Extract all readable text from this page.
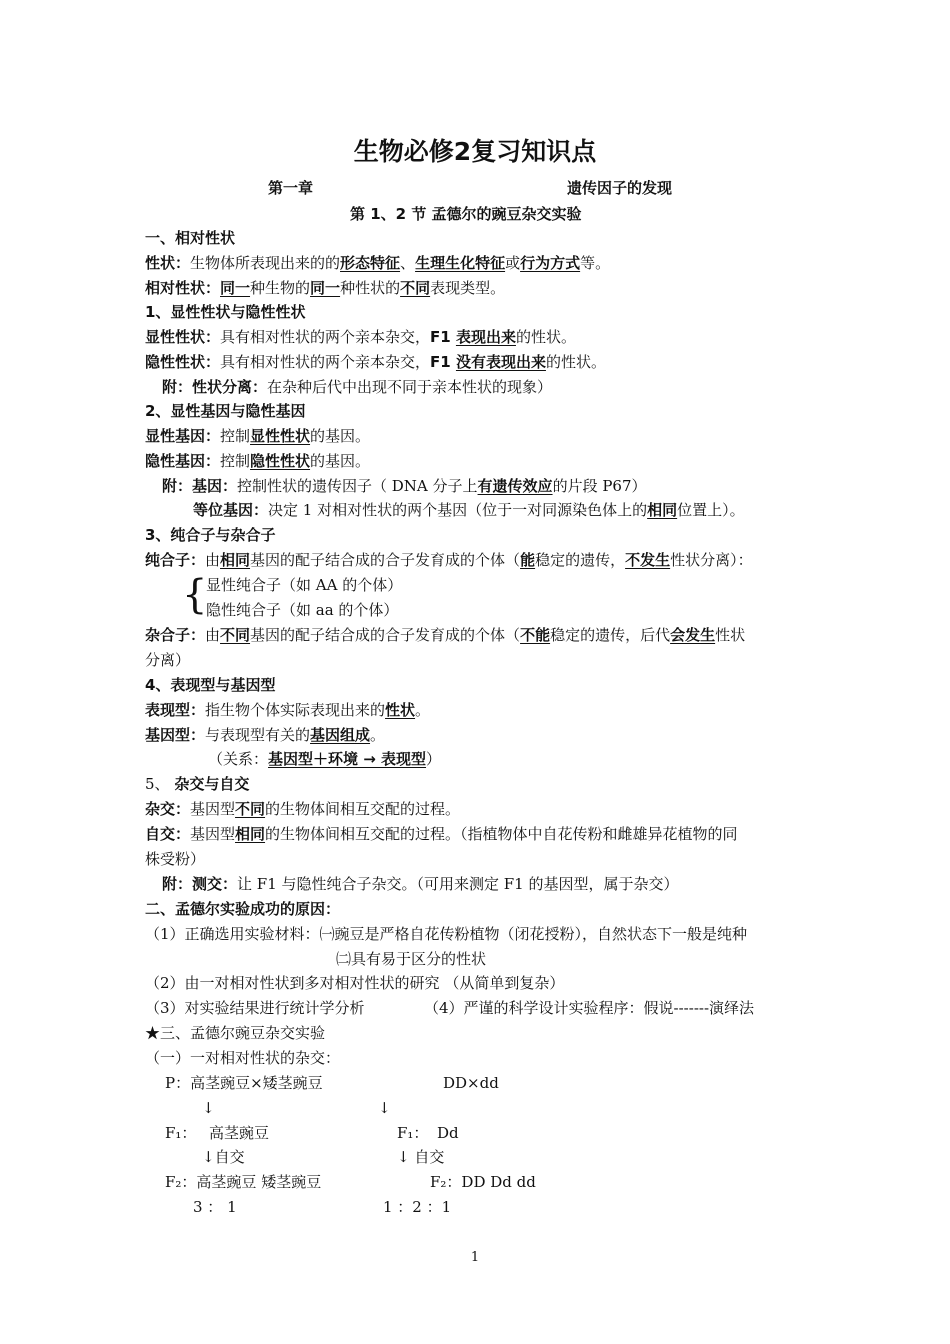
生物必修2复习知识点
第一章	遗传因子的发现
第 1、2 节 孟德尔的豌豆杂交实验
一、相对性状
性状：生物体所表现出来的的形态特征、生理生化特征或行为方式等。
相对性状：同一种生物的同一种性状的不同表现类型。
1、显性性状与隐性性状
显性性状：具有相对性状的两个亲本杂交，F1 表现出来的性状。
隐性性状：具有相对性状的两个亲本杂交，F1 没有表现出来的性状。
附：性状分离：在杂种后代中出现不同于亲本性状的现象）
2、显性基因与隐性基因
显性基因：控制显性性状的基因。
隐性基因：控制隐性性状的基因。
附：基因：控制性状的遗传因子（ DNA 分子上有遗传效应的片段 P67）
等位基因：决定 1 对相对性状的两个基因（位于一对同源染色体上的相同位置上）。
3、纯合子与杂合子
纯合子：由相同基因的配子结合成的合子发育成的个体（能稳定的遗传，不发生性状分离）：
{
显性纯合子（如 AA 的个体）
隐性纯合子（如 aa 的个体）
杂合子：由不同基因的配子结合成的合子发育成的个体（不能稳定的遗传，后代会发生性状
分离）
4、表现型与基因型
表现型：指生物个体实际表现出来的性状。
基因型：与表现型有关的基因组成。
（关系：基因型＋环境 → 表现型）
5、 杂交与自交
杂交：基因型不同的生物体间相互交配的过程。
自交：基因型相同的生物体间相互交配的过程。（指植物体中自花传粉和雌雄异花植物的同
株受粉）
附：测交：让 F1 与隐性纯合子杂交。（可用来测定 F1 的基因型，属于杂交）
二、孟德尔实验成功的原因：
（1）正确选用实验材料：㈠豌豆是严格自花传粉植物（闭花授粉），自然状态下一般是纯种
㈡具有易于区分的性状
（2）由一对相对性状到多对相对性状的研究 （从简单到复杂）
（3）对实验结果进行统计学分析	（4）严谨的科学设计实验程序：假说-------演绎法
★三、孟德尔豌豆杂交实验
（一）一对相对性状的杂交：
P：高茎豌豆×矮茎豌豆	DD×dd
↓	↓
F₁： 高茎豌豆	F₁： Dd
↓自交	↓ 自交
F₂：高茎豌豆 矮茎豌豆	F₂：DD Dd dd
3 ： 1	1 ：2 ：1
1
